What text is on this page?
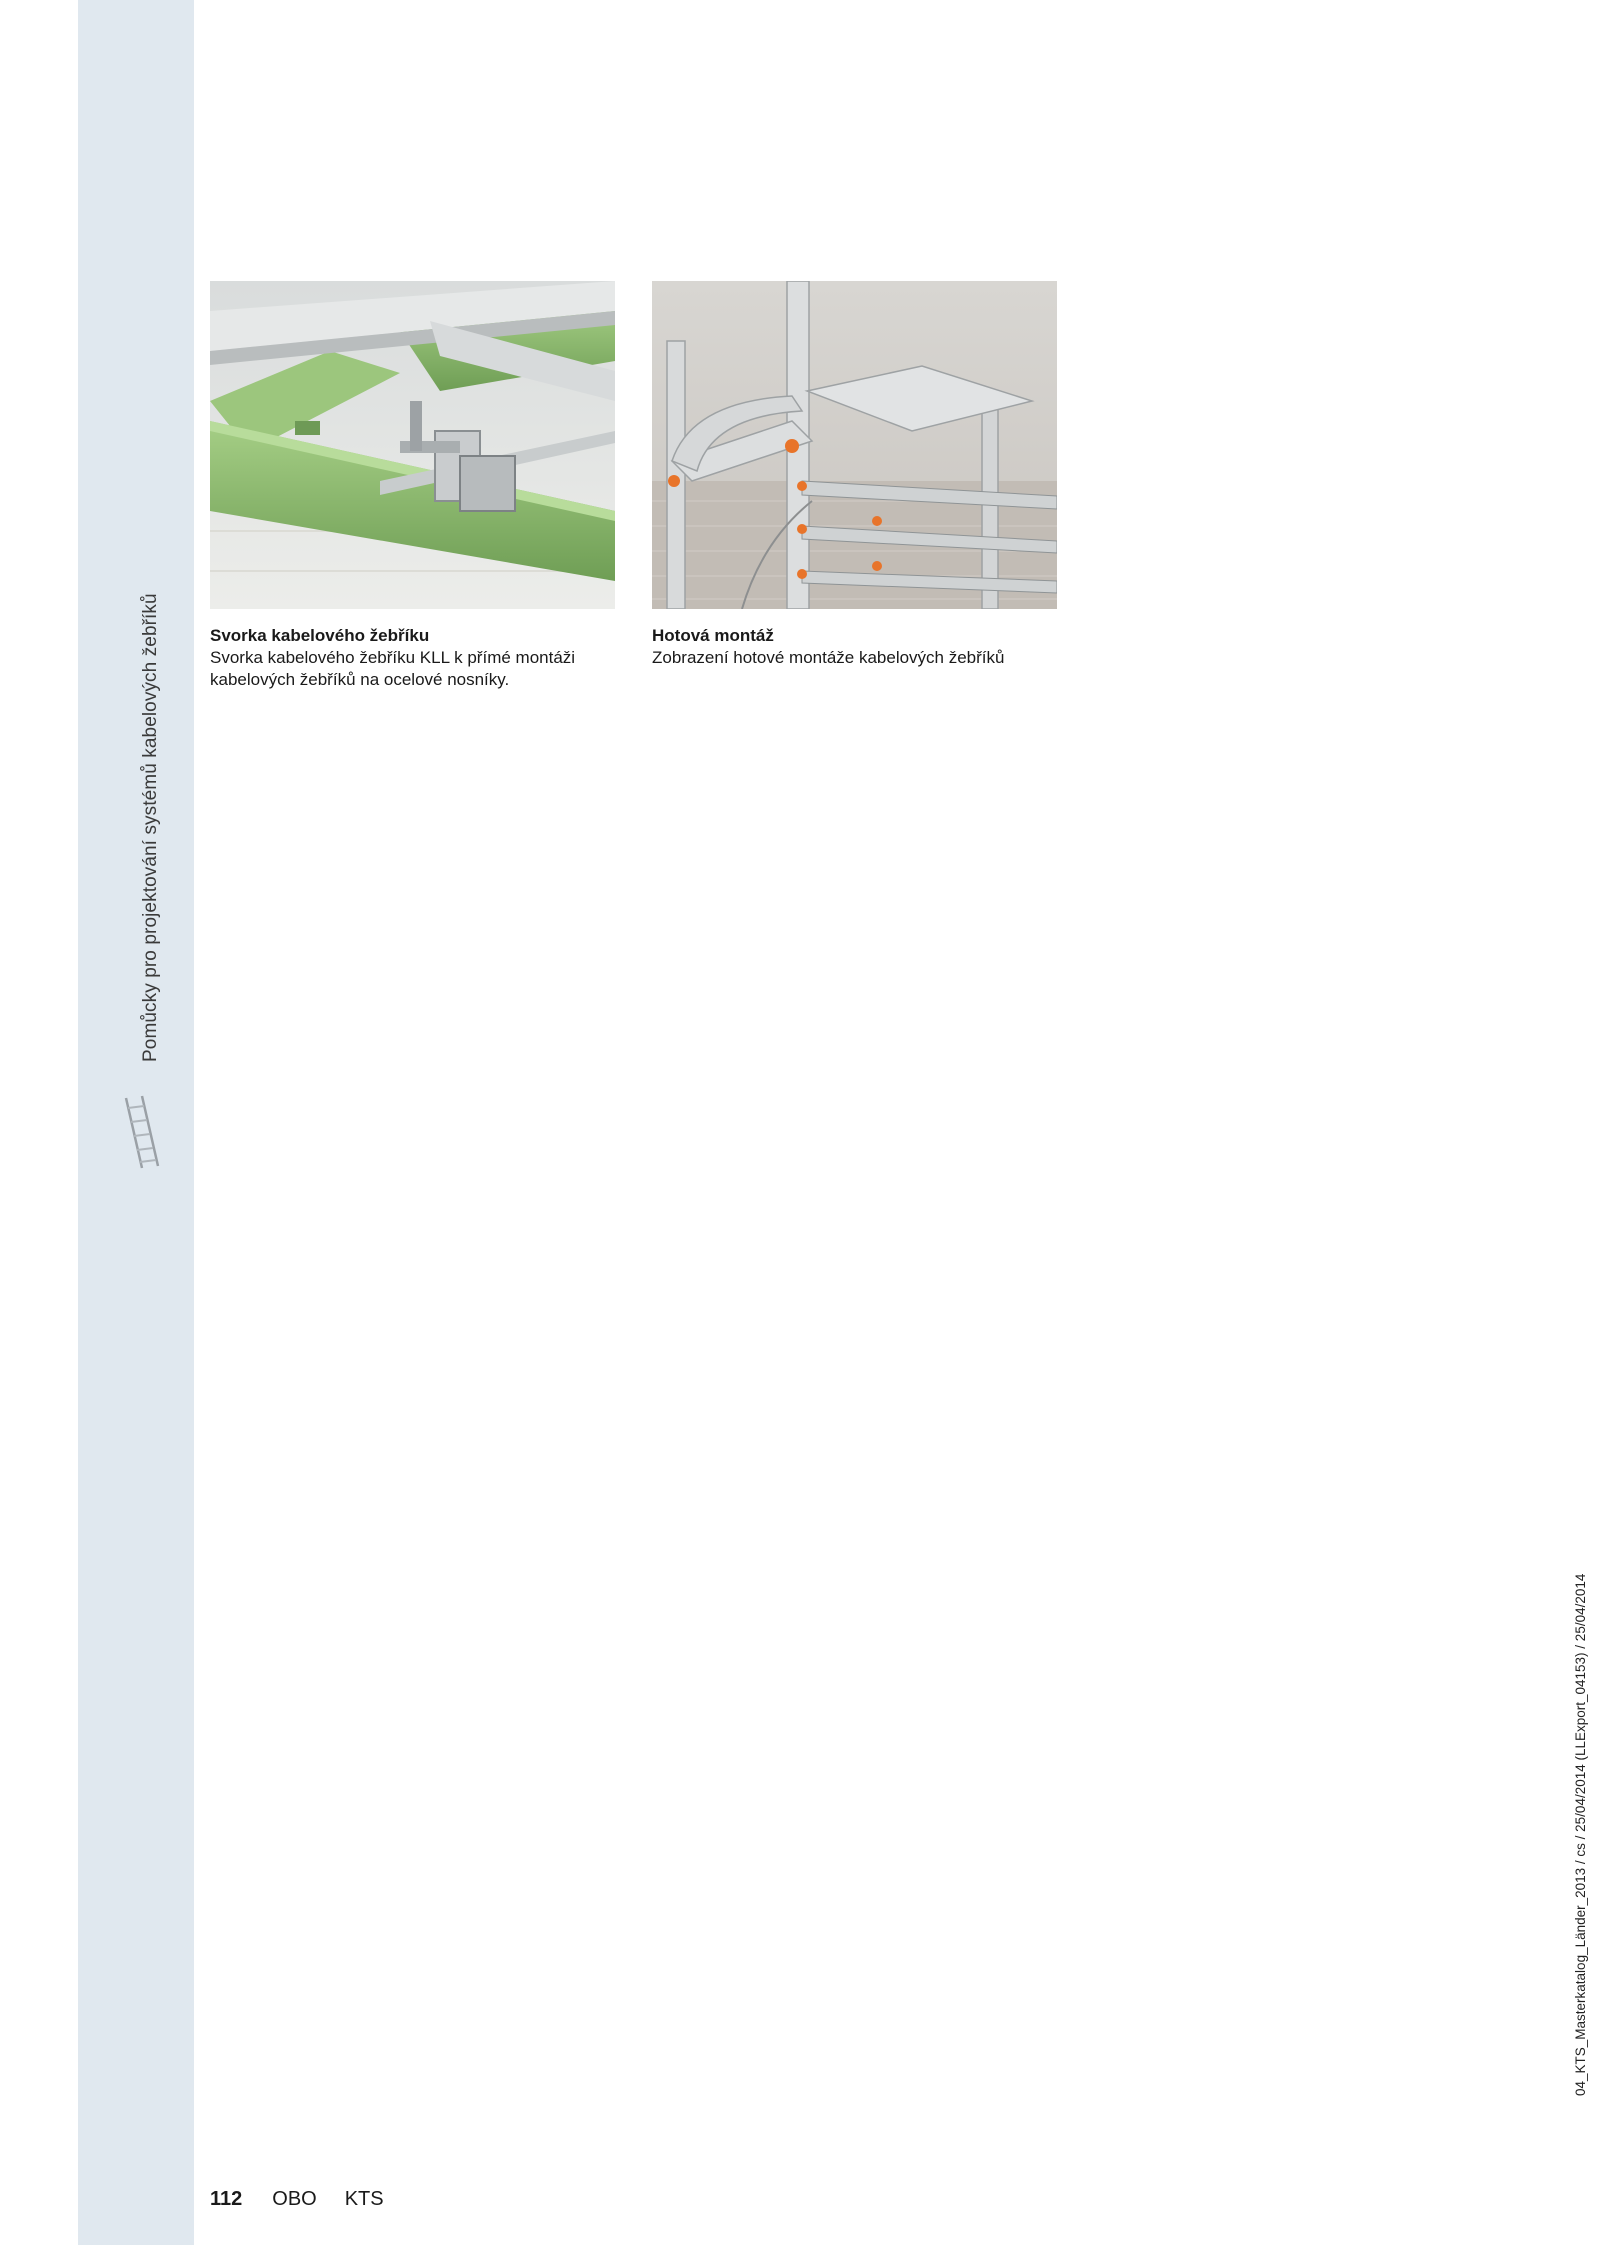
Pomůcky pro projektování systémů kabelových žebříků	Svorka kabelového žebříku
Svorka kabelového žebříku KLL k přímé montáži kabelových žebříků na ocelové nosníky.
Hotová montáž
Zobrazení hotové montáže kabelových žebříků
04_KTS_Masterkatalog_Länder_2013 / cs / 25/04/2014 (LLExport_04153) / 25/04/2014
112 OBO KTS
